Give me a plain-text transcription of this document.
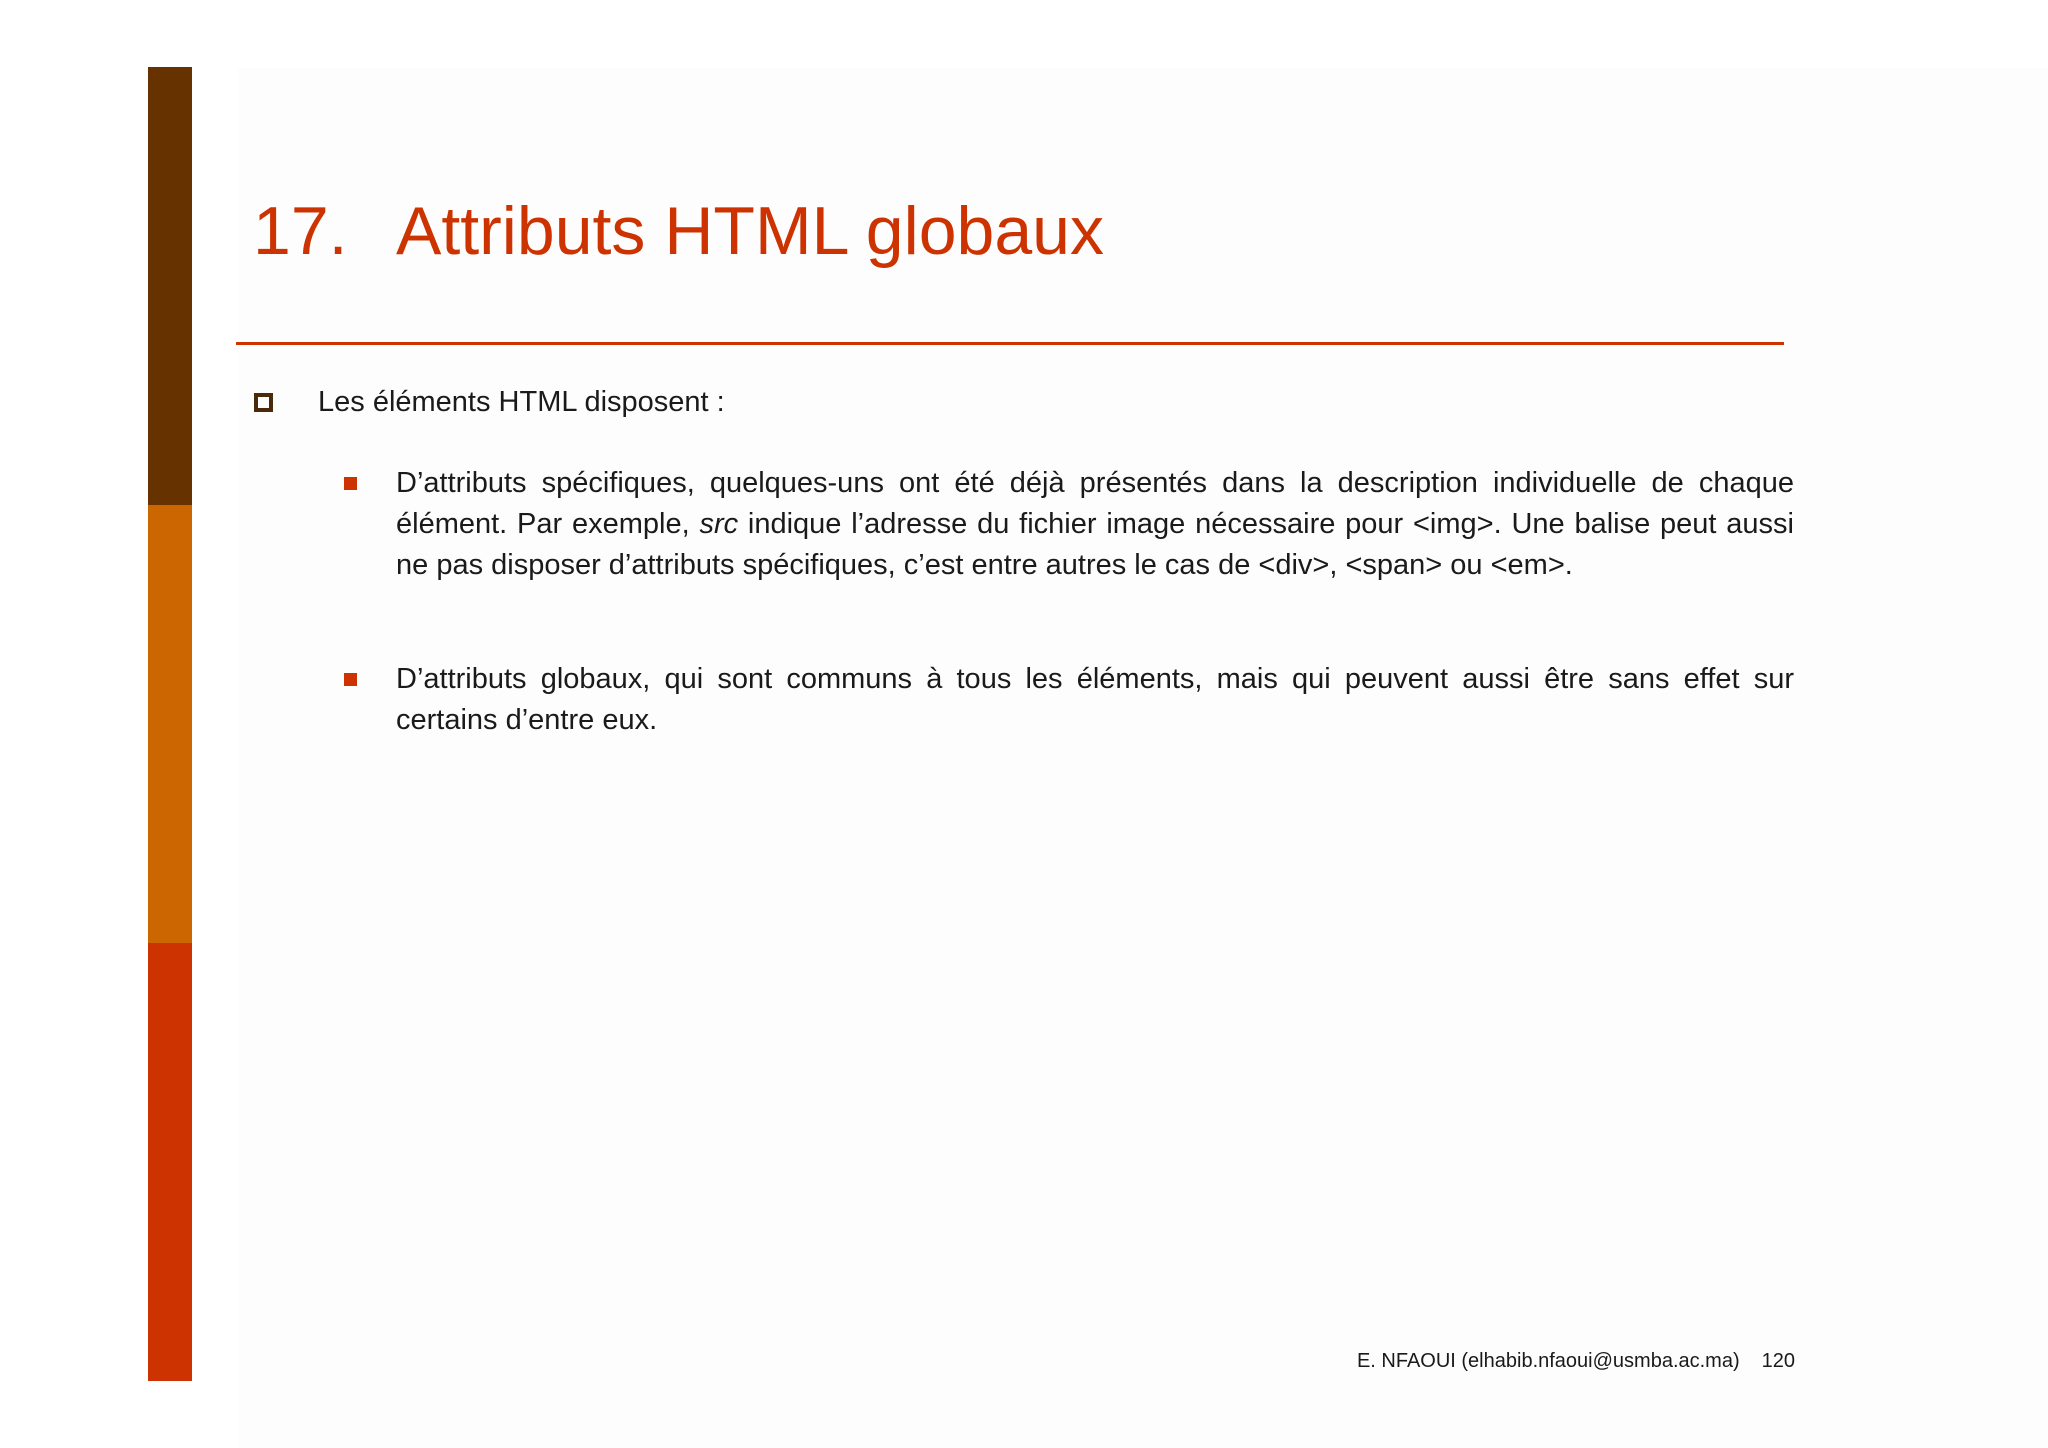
17. Attributs HTML globaux
Les éléments HTML disposent :
D’attributs spécifiques, quelques-uns ont été déjà présentés dans la description individuelle de chaque élément. Par exemple, src indique l’adresse du fichier image nécessaire pour <img>. Une balise peut aussi ne pas disposer d’attributs spécifiques, c’est entre autres le cas de <div>, <span> ou <em>.
D’attributs globaux, qui sont communs à tous les éléments, mais qui peuvent aussi être sans effet sur certains d’entre eux.
E. NFAOUI (elhabib.nfaoui@usmba.ac.ma) 120
